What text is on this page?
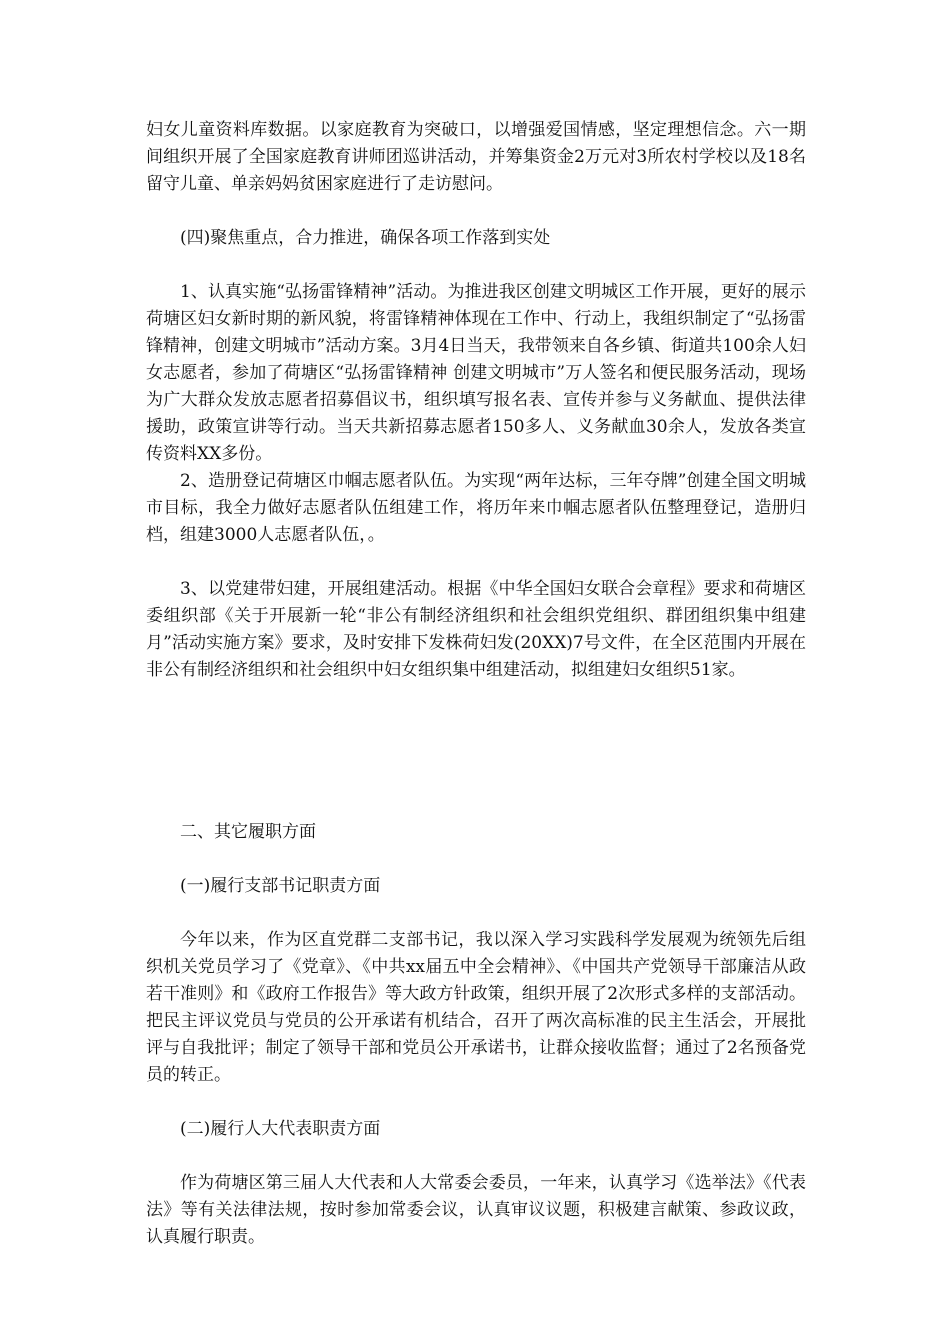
妇女儿童资料库数据。以家庭教育为突破口，以增强爱国情感，坚定理想信念。六一期间组织开展了全国家庭教育讲师团巡讲活动，并筹集资金2万元对3所农村学校以及18名留守儿童、单亲妈妈贫困家庭进行了走访慰问。

(四)聚焦重点，合力推进，确保各项工作落到实处

1、认真实施“弘扬雷锋精神”活动。为推进我区创建文明城区工作开展，更好的展示荷塘区妇女新时期的新风貌，将雷锋精神体现在工作中、行动上，我组织制定了“弘扬雷锋精神，创建文明城市”活动方案。3月4日当天，我带领来自各乡镇、街道共100余人妇女志愿者，参加了荷塘区“弘扬雷锋精神 创建文明城市”万人签名和便民服务活动，现场为广大群众发放志愿者招募倡议书，组织填写报名表、宣传并参与义务献血、提供法律援助，政策宣讲等行动。当天共新招募志愿者150多人、义务献血30余人，发放各类宣传资料XX多份。

2、造册登记荷塘区巾帼志愿者队伍。为实现“两年达标，三年夺牌”创建全国文明城市目标，我全力做好志愿者队伍组建工作，将历年来巾帼志愿者队伍整理登记，造册归档，组建3000人志愿者队伍，。

3、以党建带妇建，开展组建活动。根据《中华全国妇女联合会章程》要求和荷塘区委组织部《关于开展新一轮“非公有制经济组织和社会组织党组织、群团组织集中组建月”活动实施方案》要求，及时安排下发株荷妇发(20XX)7号文件，在全区范围内开展在非公有制经济组织和社会组织中妇女组织集中组建活动，拟组建妇女组织51家。

二、其它履职方面

(一)履行支部书记职责方面

今年以来，作为区直党群二支部书记，我以深入学习实践科学发展观为统领先后组织机关党员学习了《党章》、《中共xx届五中全会精神》、《中国共产党领导干部廉洁从政若干准则》和《政府工作报告》等大政方针政策，组织开展了2次形式多样的支部活动。把民主评议党员与党员的公开承诺有机结合，召开了两次高标准的民主生活会，开展批评与自我批评；制定了领导干部和党员公开承诺书，让群众接收监督；通过了2名预备党员的转正。

(二)履行人大代表职责方面

作为荷塘区第三届人大代表和人大常委会委员，一年来，认真学习《选举法》《代表法》等有关法律法规，按时参加常委会议，认真审议议题，积极建言献策、参政议政，认真履行职责。
